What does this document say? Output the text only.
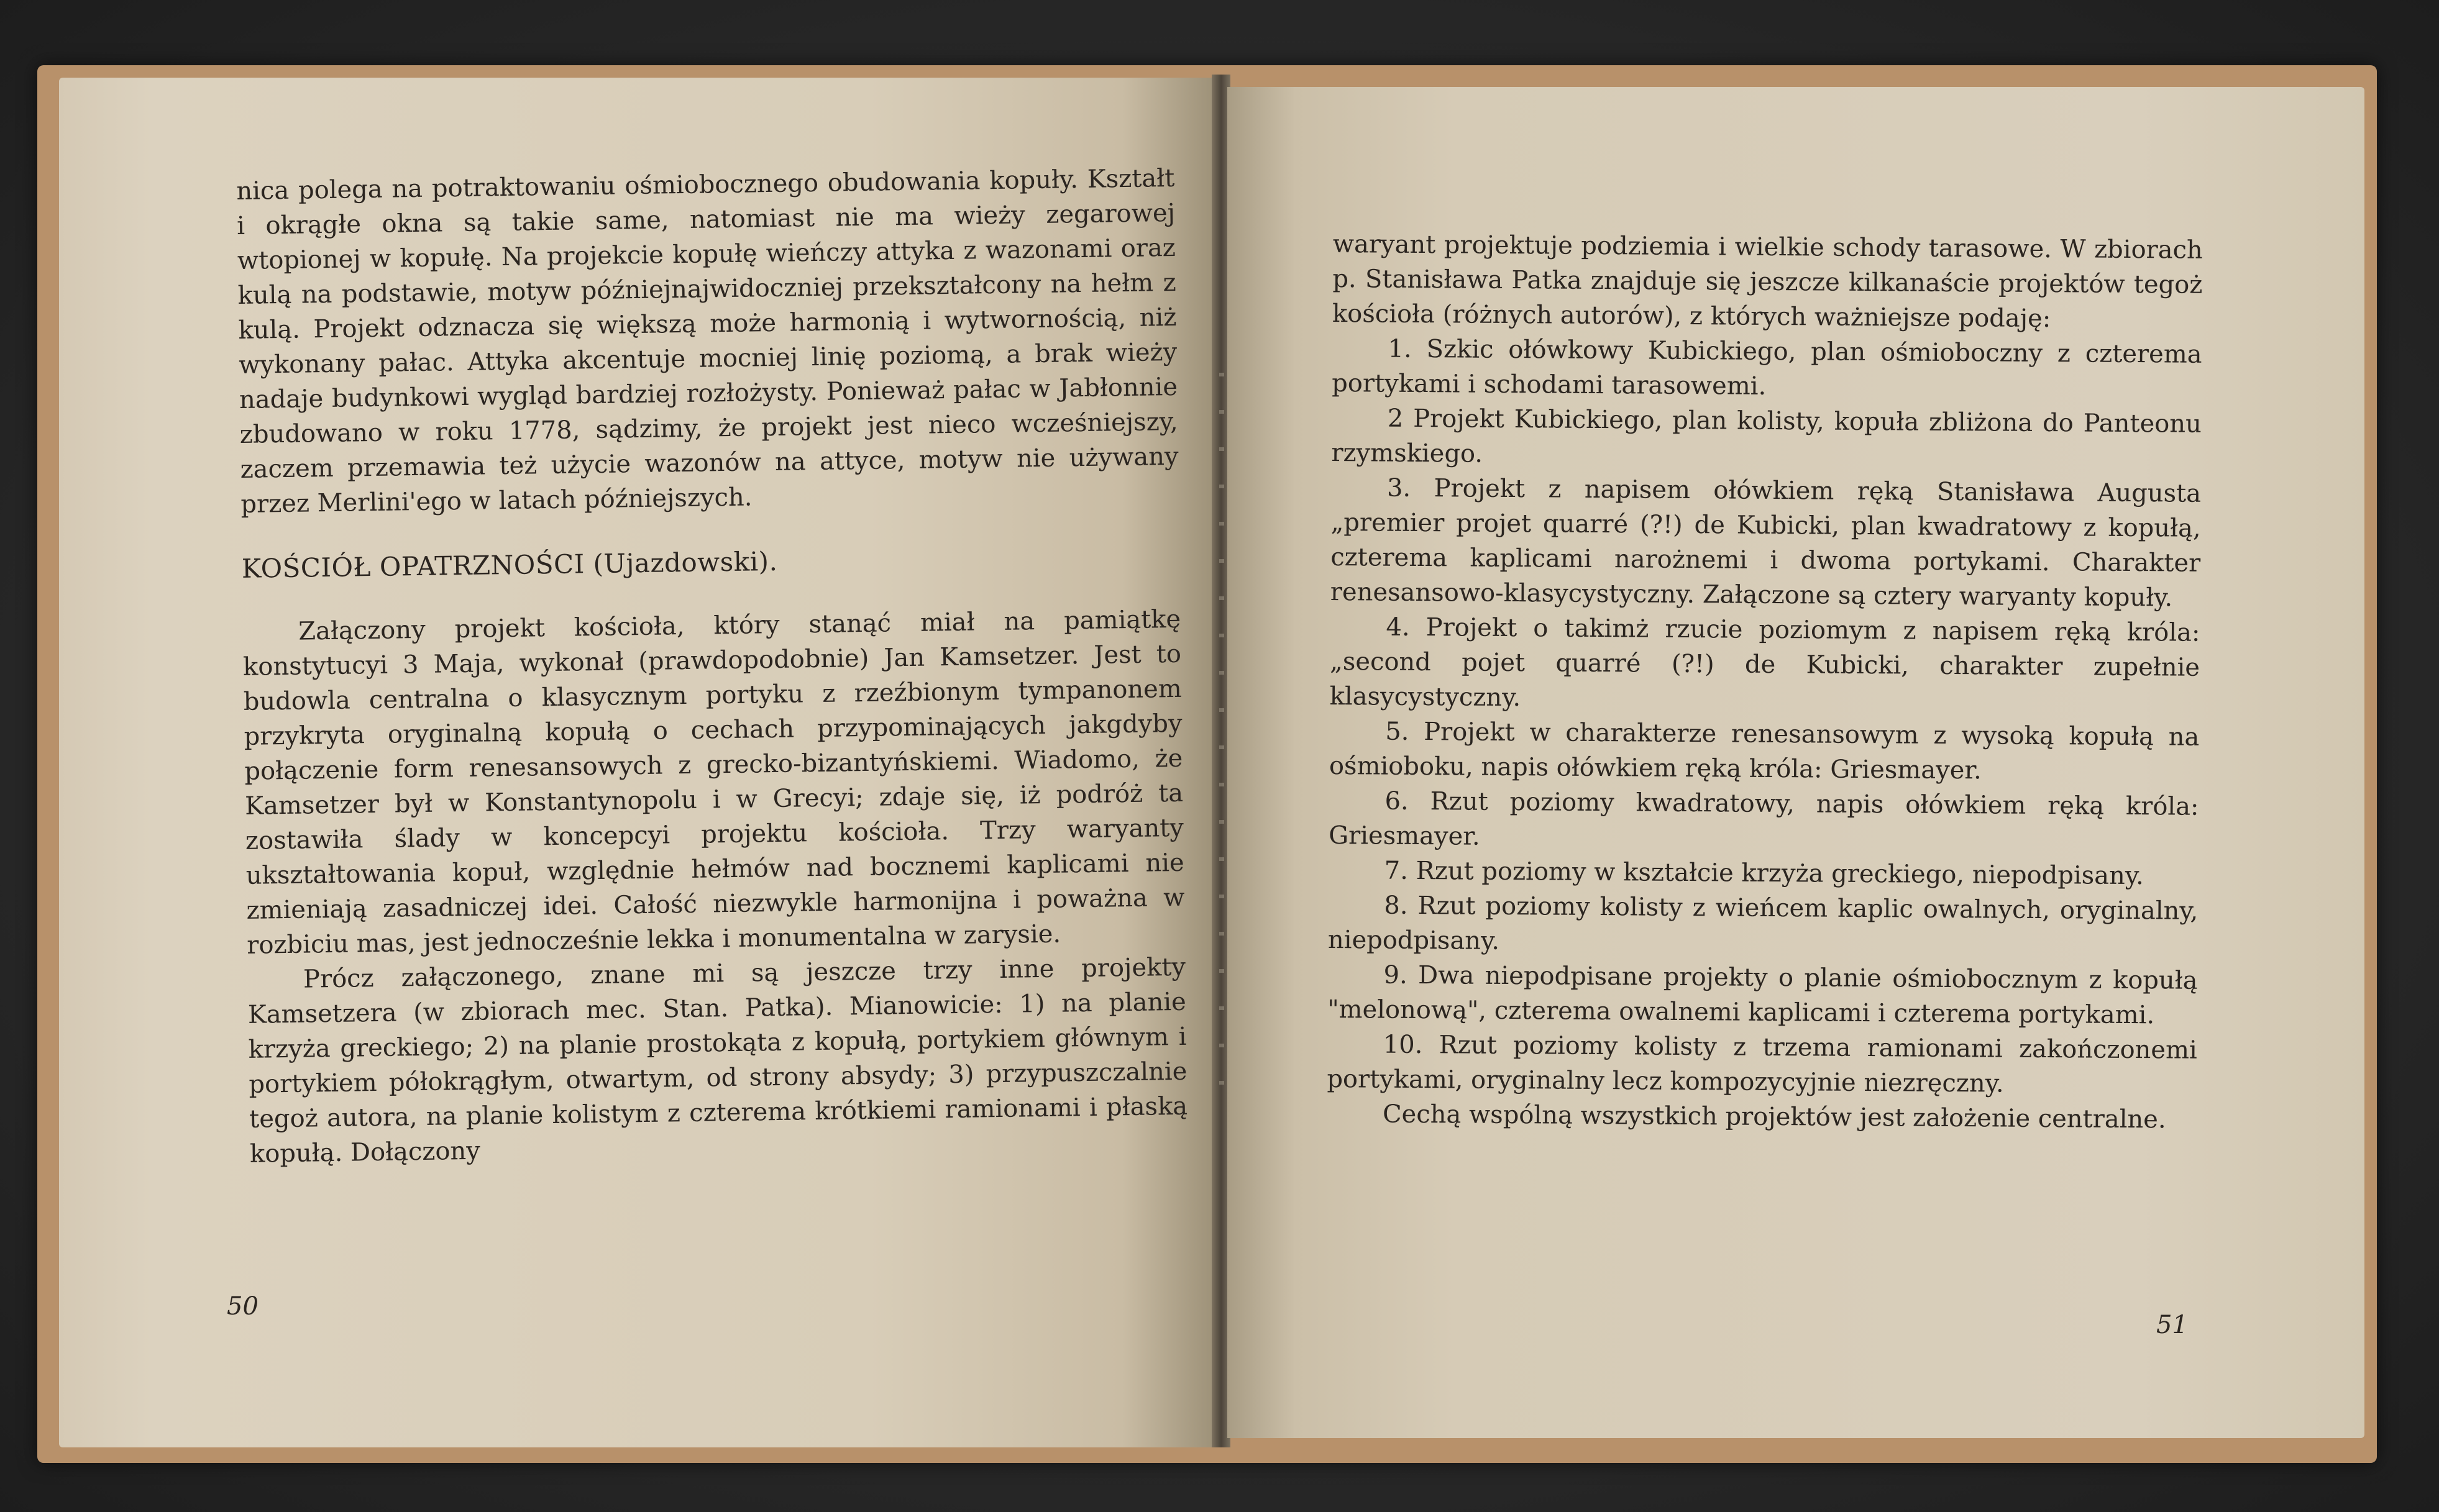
nica polega na potraktowaniu ośmiobocznego obudowania kopuły. Kształt i okrągłe okna są takie same, natomiast nie ma wieży zegarowej wtopionej w kopułę. Na projekcie kopułę wieńczy attyka z wazonami oraz kulą na podstawie, motyw późniejnajwidoczniej przekształcony na hełm z kulą. Projekt odznacza się większą może harmonią i wytwornością, niż wykonany pałac. Attyka akcentuje mocniej linię poziomą, a brak wieży nadaje budynkowi wygląd bardziej rozłożysty. Ponieważ pałac w Jabłonnie zbudowano w roku 1778, sądzimy, że projekt jest nieco wcześniejszy, zaczem przemawia też użycie wazonów na attyce, motyw nie używany przez Merlini'ego w latach późniejszych.

KOŚCIÓŁ OPATRZNOŚCI (Ujazdowski).

Załączony projekt kościoła, który stanąć miał na pamiątkę konstytucyi 3 Maja, wykonał (prawdopodobnie) Jan Kamsetzer. Jest to budowla centralna o klasycznym portyku z rzeźbionym tympanonem przykryta oryginalną kopułą o cechach przypominających jakgdyby połączenie form renesansowych z grecko-bizantyńskiemi. Wiadomo, że Kamsetzer był w Konstantynopolu i w Grecyi; zdaje się, iż podróż ta zostawiła ślady w koncepcyi projektu kościoła. Trzy waryanty ukształtowania kopuł, względnie hełmów nad bocznemi kaplicami nie zmieniają zasadniczej idei. Całość niezwykle harmonijna i poważna w rozbiciu mas, jest jednocześnie lekka i monumentalna w zarysie.

Prócz załączonego, znane mi są jeszcze trzy inne projekty Kamsetzera (w zbiorach mec. Stan. Patka). Mianowicie: 1) na planie krzyża greckiego; 2) na planie prostokąta z kopułą, portykiem głównym i portykiem półokrągłym, otwartym, od strony absydy; 3) przypuszczalnie tegoż autora, na planie kolistym z czterema krótkiemi ramionami i płaską kopułą. Dołączony

50

waryant projektuje podziemia i wielkie schody tarasowe. W zbiorach p. Stanisława Patka znajduje się jeszcze kilkanaście projektów tegoż kościoła (różnych autorów), z których ważniejsze podaję:

1. Szkic ołówkowy Kubickiego, plan ośmioboczny z czterema portykami i schodami tarasowemi.

2 Projekt Kubickiego, plan kolisty, kopuła zbliżona do Panteonu rzymskiego.

3. Projekt z napisem ołówkiem ręką Stanisława Augusta „premier projet quarré (?!) de Kubicki, plan kwadratowy z kopułą, czterema kaplicami narożnemi i dwoma portykami. Charakter renesansowo-klasycystyczny. Załączone są cztery waryanty kopuły.

4. Projekt o takimż rzucie poziomym z napisem ręką króla: „second pojet quarré (?!) de Kubicki, charakter zupełnie klasycystyczny.

5. Projekt w charakterze renesansowym z wysoką kopułą na ośmioboku, napis ołówkiem ręką króla: Griesmayer.

6. Rzut poziomy kwadratowy, napis ołówkiem ręką króla: Griesmayer.

7. Rzut poziomy w kształcie krzyża greckiego, niepodpisany.

8. Rzut poziomy kolisty z wieńcem kaplic owalnych, oryginalny, niepodpisany.

9. Dwa niepodpisane projekty o planie ośmiobocznym z kopułą "melonową", czterema owalnemi kaplicami i czterema portykami.

10. Rzut poziomy kolisty z trzema ramionami zakończonemi portykami, oryginalny lecz kompozycyjnie niezręczny.

Cechą wspólną wszystkich projektów jest założenie centralne.

51
